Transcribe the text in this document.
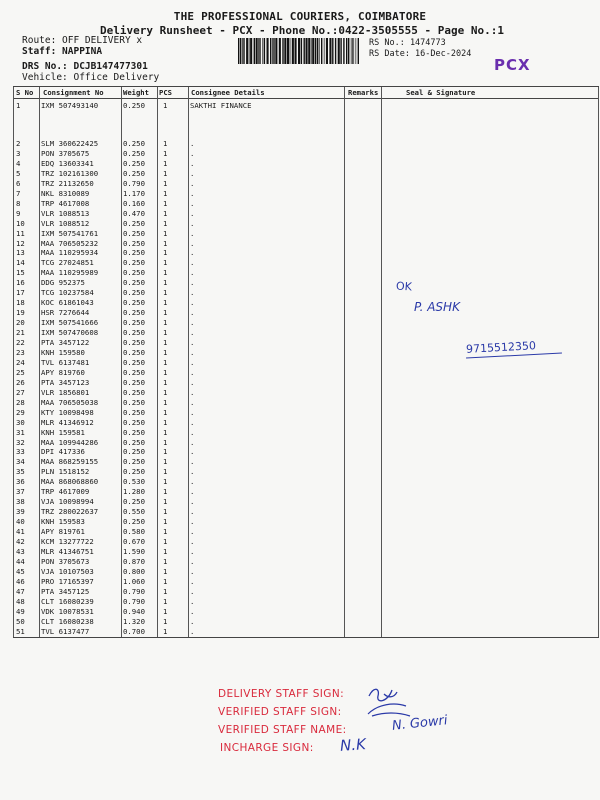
THE PROFESSIONAL COURIERS, COIMBATORE
Delivery Runsheet - PCX - Phone No.:0422-3505555 - Page No.:1
Route: OFF DELIVERY x
Staff: NAPPINA
DRS No.: DCJB147477301
Vehicle: Office Delivery
RS No.: 1474773
RS Date: 16-Dec-2024
PCX
S No Consignment No	Weight PCS	Consignee Details	Remarks	Seal & Signature
1	IXM 507493140	0.250 1	SAKTHI FINANCE
2	SLM 360622425	0.250 1	.
3	PON 3705675	0.250 1	.
4	EDQ 13603341	0.250 1	.
5	TRZ 102161300	0.250 1	.
6	TRZ 21132650	0.790 1	.
7	NKL 8310089	1.170 1	.
8	TRP 4617008	0.160 1	.
9	VLR 1088513	0.470 1	.
10 VLR 1088512	0.250 1	.
11 IXM 507541761	0.250 1	.
12 MAA 706505232	0.250 1	.
13 MAA 110295934	0.250 1	.
14 TCG 27024851	0.250 1	.
15 MAA 110295989	0.250 1	.
16 DDG 952375	0.250 1	.
17 TCG 10237584	0.250 1	.
18 KOC 61861043	0.250 1	.
19 HSR 7276644	0.250 1	.
20 IXM 507541666	0.250 1	.
21 IXM 507470608	0.250 1	.
22 PTA 3457122	0.250 1	.
23 KNH 159580	0.250 1	.
24 TVL 6137481	0.250 1	.
25 APY 819760	0.250 1	.
26 PTA 3457123	0.250 1	.
27 VLR 1856801	0.250 1	.
28 MAA 706505038	0.250 1	.
29 KTY 10098498	0.250 1	.
30 MLR 41346912	0.250 1	.
31 KNH 159581	0.250 1	.
32 MAA 109944286	0.250 1	.
33 DPI 417336	0.250 1	.
34 MAA 868259155	0.250 1	.
35 PLN 1518152	0.250 1	.
36 MAA 868068860	0.530 1	.
37 TRP 4617009	1.280 1	.
38 VJA 10098994	0.250 1	.
39 TRZ 280022637	0.550 1	.
40 KNH 159583	0.250 1	.
41 APY 819761	0.580 1	.
42 KCM 13277722	0.670 1	.
43 MLR 41346751	1.590 1	.
44 PON 3705673	0.870 1	.
45 VJA 10107503	0.800 1	.
46 PRO 17165397	1.060 1	.
47 PTA 3457125	0.790 1	.
48 CLT 16080239	0.790 1	.
49 VDK 10078531	0.940 1	.
50 CLT 16080238	1.320 1	.
51 TVL 6137477	0.700 1	.
OK
P. ASHK
9715512350
DELIVERY STAFF SIGN:
VERIFIED STAFF SIGN:
VERIFIED STAFF NAME:	N. Gowri
INCHARGE SIGN: N.K
